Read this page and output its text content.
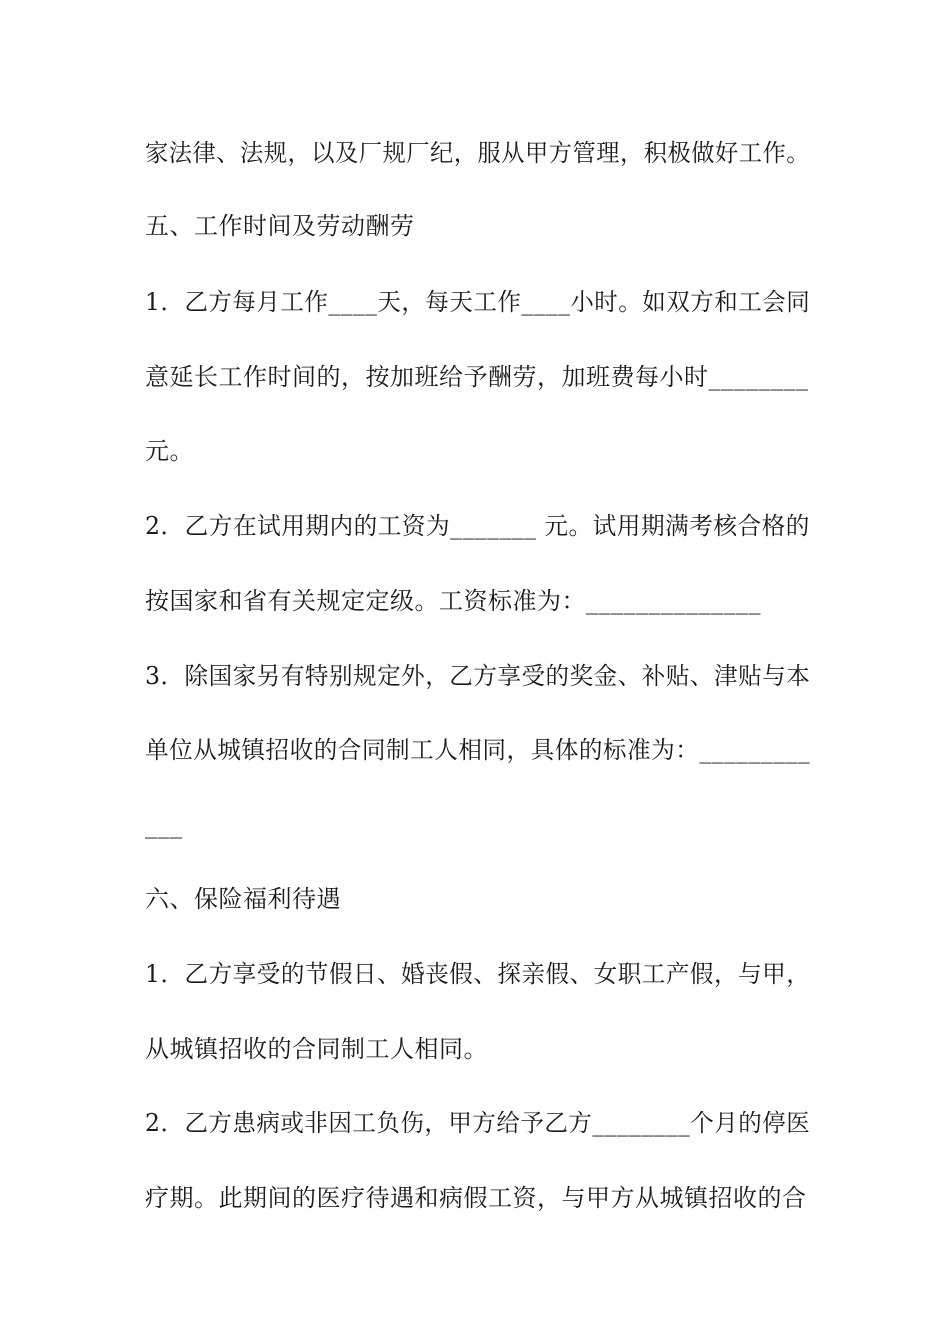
家法律、法规，以及厂规厂纪，服从甲方管理，积极做好工作。
五、工作时间及劳动酬劳
1．乙方每月工作____天，每天工作____小时。如双方和工会同
意延长工作时间的，按加班给予酬劳，加班费每小时________
元。
2．乙方在试用期内的工资为_______ 元。试用期满考核合格的
按国家和省有关规定定级。工资标准为：______________
3．除国家另有特别规定外，乙方享受的奖金、补贴、津贴与本
单位从城镇招收的合同制工人相同，具体的标准为：_________
___
六、保险福利待遇
1．乙方享受的节假日、婚丧假、探亲假、女职工产假，与甲，
从城镇招收的合同制工人相同。
2．乙方患病或非因工负伤，甲方给予乙方________个月的停医
疗期。此期间的医疗待遇和病假工资，与甲方从城镇招收的合
